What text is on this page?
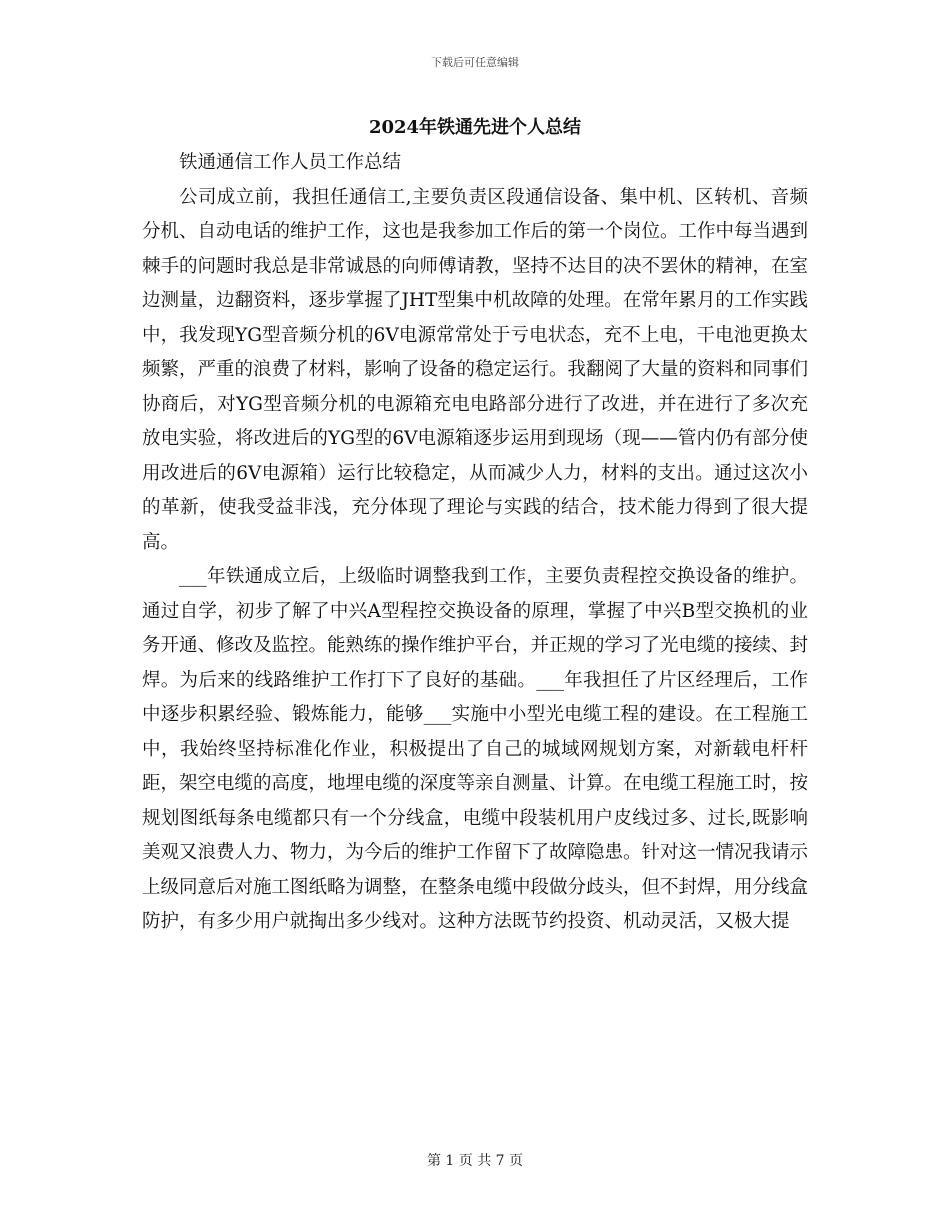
下载后可任意编辑
2024年铁通先进个人总结

铁通通信工作人员工作总结

公司成立前，我担任通信工,主要负责区段通信设备、集中机、区转机、音频分机、自动电话的维护工作，这也是我参加工作后的第一个岗位。工作中每当遇到棘手的问题时我总是非常诚恳的向师傅请教，坚持不达目的决不罢休的精神，在室边测量，边翻资料，逐步掌握了JHT型集中机故障的处理。在常年累月的工作实践中，我发现YG型音频分机的6V电源常常处于亏电状态，充不上电，干电池更换太频繁，严重的浪费了材料，影响了设备的稳定运行。我翻阅了大量的资料和同事们协商后，对YG型音频分机的电源箱充电电路部分进行了改进，并在进行了多次充放电实验，将改进后的YG型的6V电源箱逐步运用到现场（现——管内仍有部分使用改进后的6V电源箱）运行比较稳定，从而减少人力，材料的支出。通过这次小的革新，使我受益非浅，充分体现了理论与实践的结合，技术能力得到了很大提高。

___年铁通成立后，上级临时调整我到工作，主要负责程控交换设备的维护。通过自学，初步了解了中兴A型程控交换设备的原理，掌握了中兴B型交换机的业务开通、修改及监控。能熟练的操作维护平台，并正规的学习了光电缆的接续、封焊。为后来的线路维护工作打下了良好的基础。___年我担任了片区经理后，工作中逐步积累经验、锻炼能力，能够___实施中小型光电缆工程的建设。在工程施工中，我始终坚持标准化作业，积极提出了自己的城域网规划方案，对新载电杆杆距，架空电缆的高度，地埋电缆的深度等亲自测量、计算。在电缆工程施工时，按规划图纸每条电缆都只有一个分线盒，电缆中段装机用户皮线过多、过长,既影响美观又浪费人力、物力，为今后的维护工作留下了故障隐患。针对这一情况我请示上级同意后对施工图纸略为调整，在整条电缆中段做分歧头，但不封焊，用分线盒防护，有多少用户就掏出多少线对。这种方法既节约投资、机动灵活，又极大提

第 1 页 共 7 页
